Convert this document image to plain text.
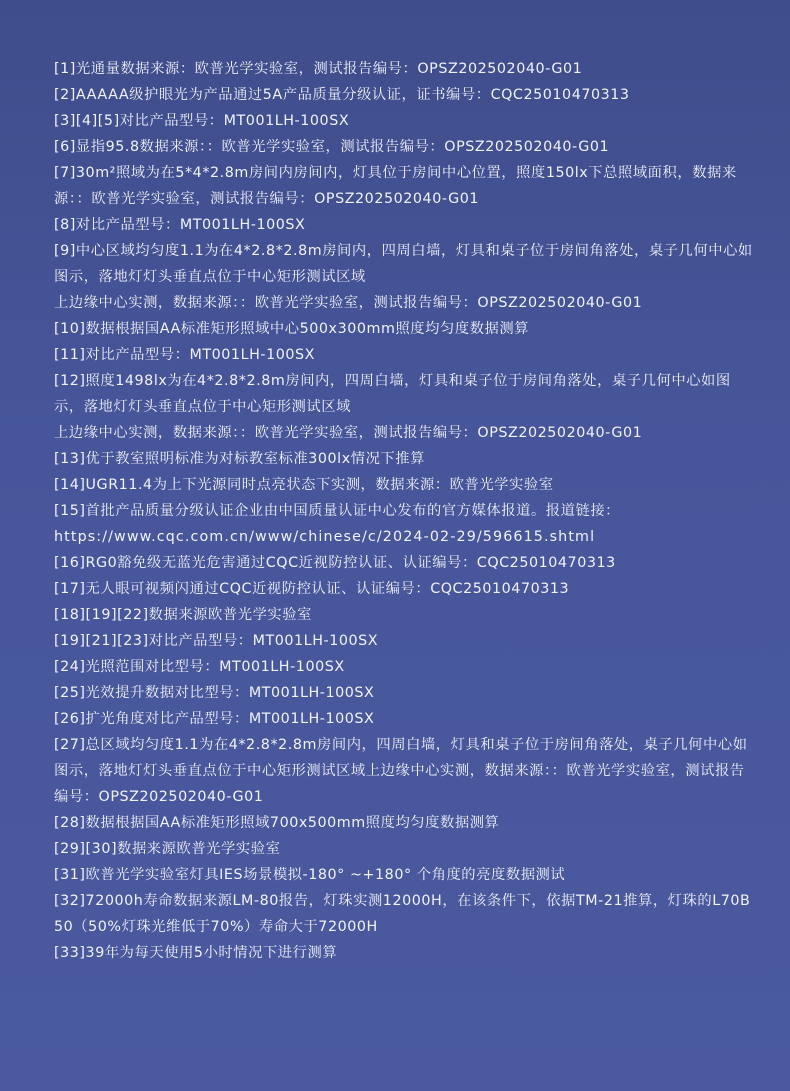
[1]光通量数据来源：欧普光学实验室，测试报告编号：OPSZ202502040-G01
[2]AAAAA级护眼光为产品通过5A产品质量分级认证，证书编号：CQC25010470313
[3][4][5]对比产品型号：MT001LH-100SX
[6]显指95.8数据来源：：欧普光学实验室，测试报告编号：OPSZ202502040-G01
[7]30m²照域为在5*4*2.8m房间内房间内，灯具位于房间中心位置，照度150lx下总照域面积，数据来源：：欧普光学实验室，测试报告编号：OPSZ202502040-G01
[8]对比产品型号：MT001LH-100SX
[9]中心区域均匀度1.1为在4*2.8*2.8m房间内，四周白墙，灯具和桌子位于房间角落处，桌子几何中心如图示，落地灯灯头垂直点位于中心矩形测试区域
上边缘中心实测，数据来源：：欧普光学实验室，测试报告编号：OPSZ202502040-G01
[10]数据根据国AA标准矩形照域中心500x300mm照度均匀度数据测算
[11]对比产品型号：MT001LH-100SX
[12]照度1498lx为在4*2.8*2.8m房间内，四周白墙，灯具和桌子位于房间角落处，桌子几何中心如图示，落地灯灯头垂直点位于中心矩形测试区域
上边缘中心实测，数据来源：：欧普光学实验室，测试报告编号：OPSZ202502040-G01
[13]优于教室照明标准为对标教室标准300lx情况下推算
[14]UGR11.4为上下光源同时点亮状态下实测，数据来源：欧普光学实验室
[15]首批产品质量分级认证企业由中国质量认证中心发布的官方媒体报道。报道链接：
https://www.cqc.com.cn/www/chinese/c/2024-02-29/596615.shtml
[16]RG0豁免级无蓝光危害通过CQC近视防控认证、认证编号：CQC25010470313
[17]无人眼可视频闪通过CQC近视防控认证、认证编号：CQC25010470313
[18][19][22]数据来源欧普光学实验室
[19][21][23]对比产品型号：MT001LH-100SX
[24]光照范围对比型号：MT001LH-100SX
[25]光效提升数据对比型号：MT001LH-100SX
[26]扩光角度对比产品型号：MT001LH-100SX
[27]总区域均匀度1.1为在4*2.8*2.8m房间内，四周白墙，灯具和桌子位于房间角落处，桌子几何中心如图示，落地灯灯头垂直点位于中心矩形测试区域上边缘中心实测，数据来源：：欧普光学实验室，测试报告编号：OPSZ202502040-G01
[28]数据根据国AA标准矩形照域700x500mm照度均匀度数据测算
[29][30]数据来源欧普光学实验室
[31]欧普光学实验室灯具IES场景模拟-180° ~+180° 个角度的亮度数据测试
[32]72000h寿命数据来源LM-80报告，灯珠实测12000H，在该条件下，依据TM-21推算，灯珠的L70B50（50%灯珠光维低于70%）寿命大于72000H
[33]39年为每天使用5小时情况下进行测算
